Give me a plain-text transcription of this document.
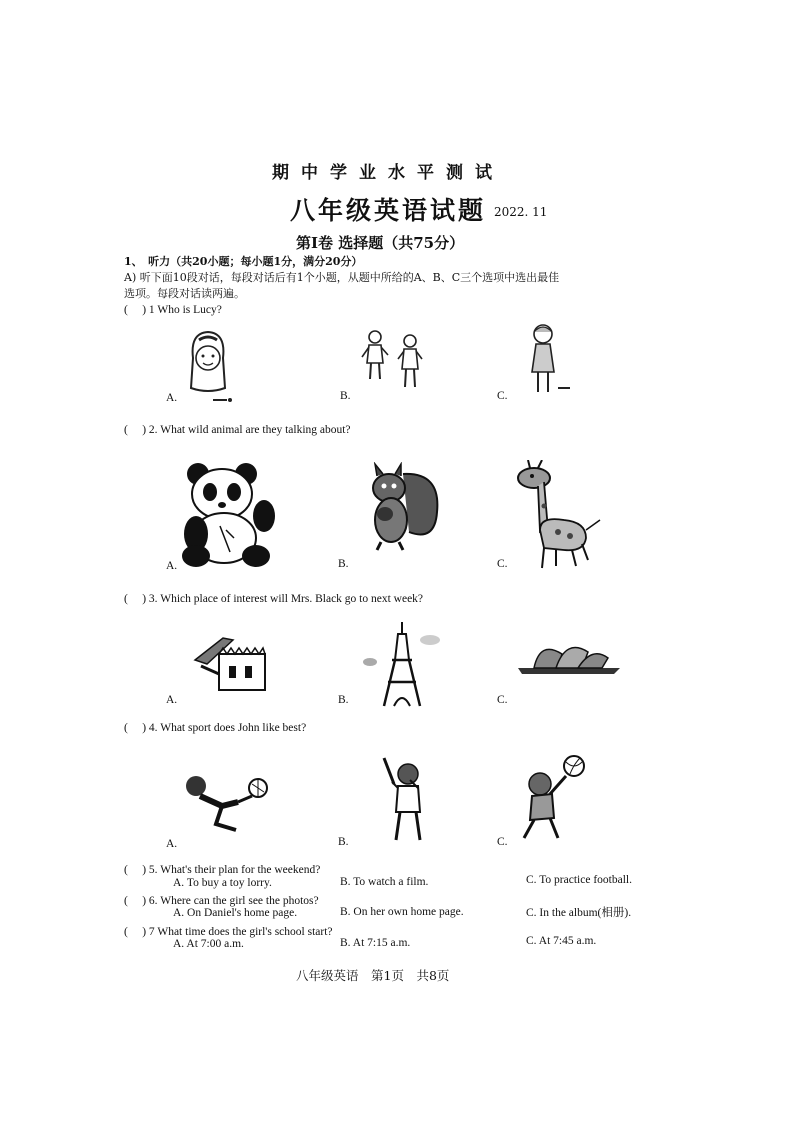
期中学业水平测试
八年级英语试题 2022. 11
第Ⅰ卷 选择题（共75分）
1、　听力（共20小题；每小题1分，满分20分）
A) 听下面10段对话，每段对话后有1个小题，从题中所给的A、B、C三个选项中选出最佳
选项。每段对话读两遍。
(　 ) 1 Who is Lucy?
A.	B.	C.
(　 ) 2. What wild animal are they talking about?
A.	B.	C.
(　 ) 3. Which place of interest will Mrs. Black go to next week?
A.	B.	C.
(　 ) 4. What sport does John like best?
A.	B.	C.
(　 ) 5. What's their plan for the weekend?
A. To buy a toy lorry.	B. To watch a film.	C. To practice football.
(　 ) 6. Where can the girl see the photos?
A. On Daniel's home page.	B. On her own home page.	C. In the album(相册).
(　 ) 7 What time does the girl's school start?
A. At 7:00 a.m.	B. At 7:15 a.m.	C. At 7:45 a.m.
八年级英语　第1页　共8页
